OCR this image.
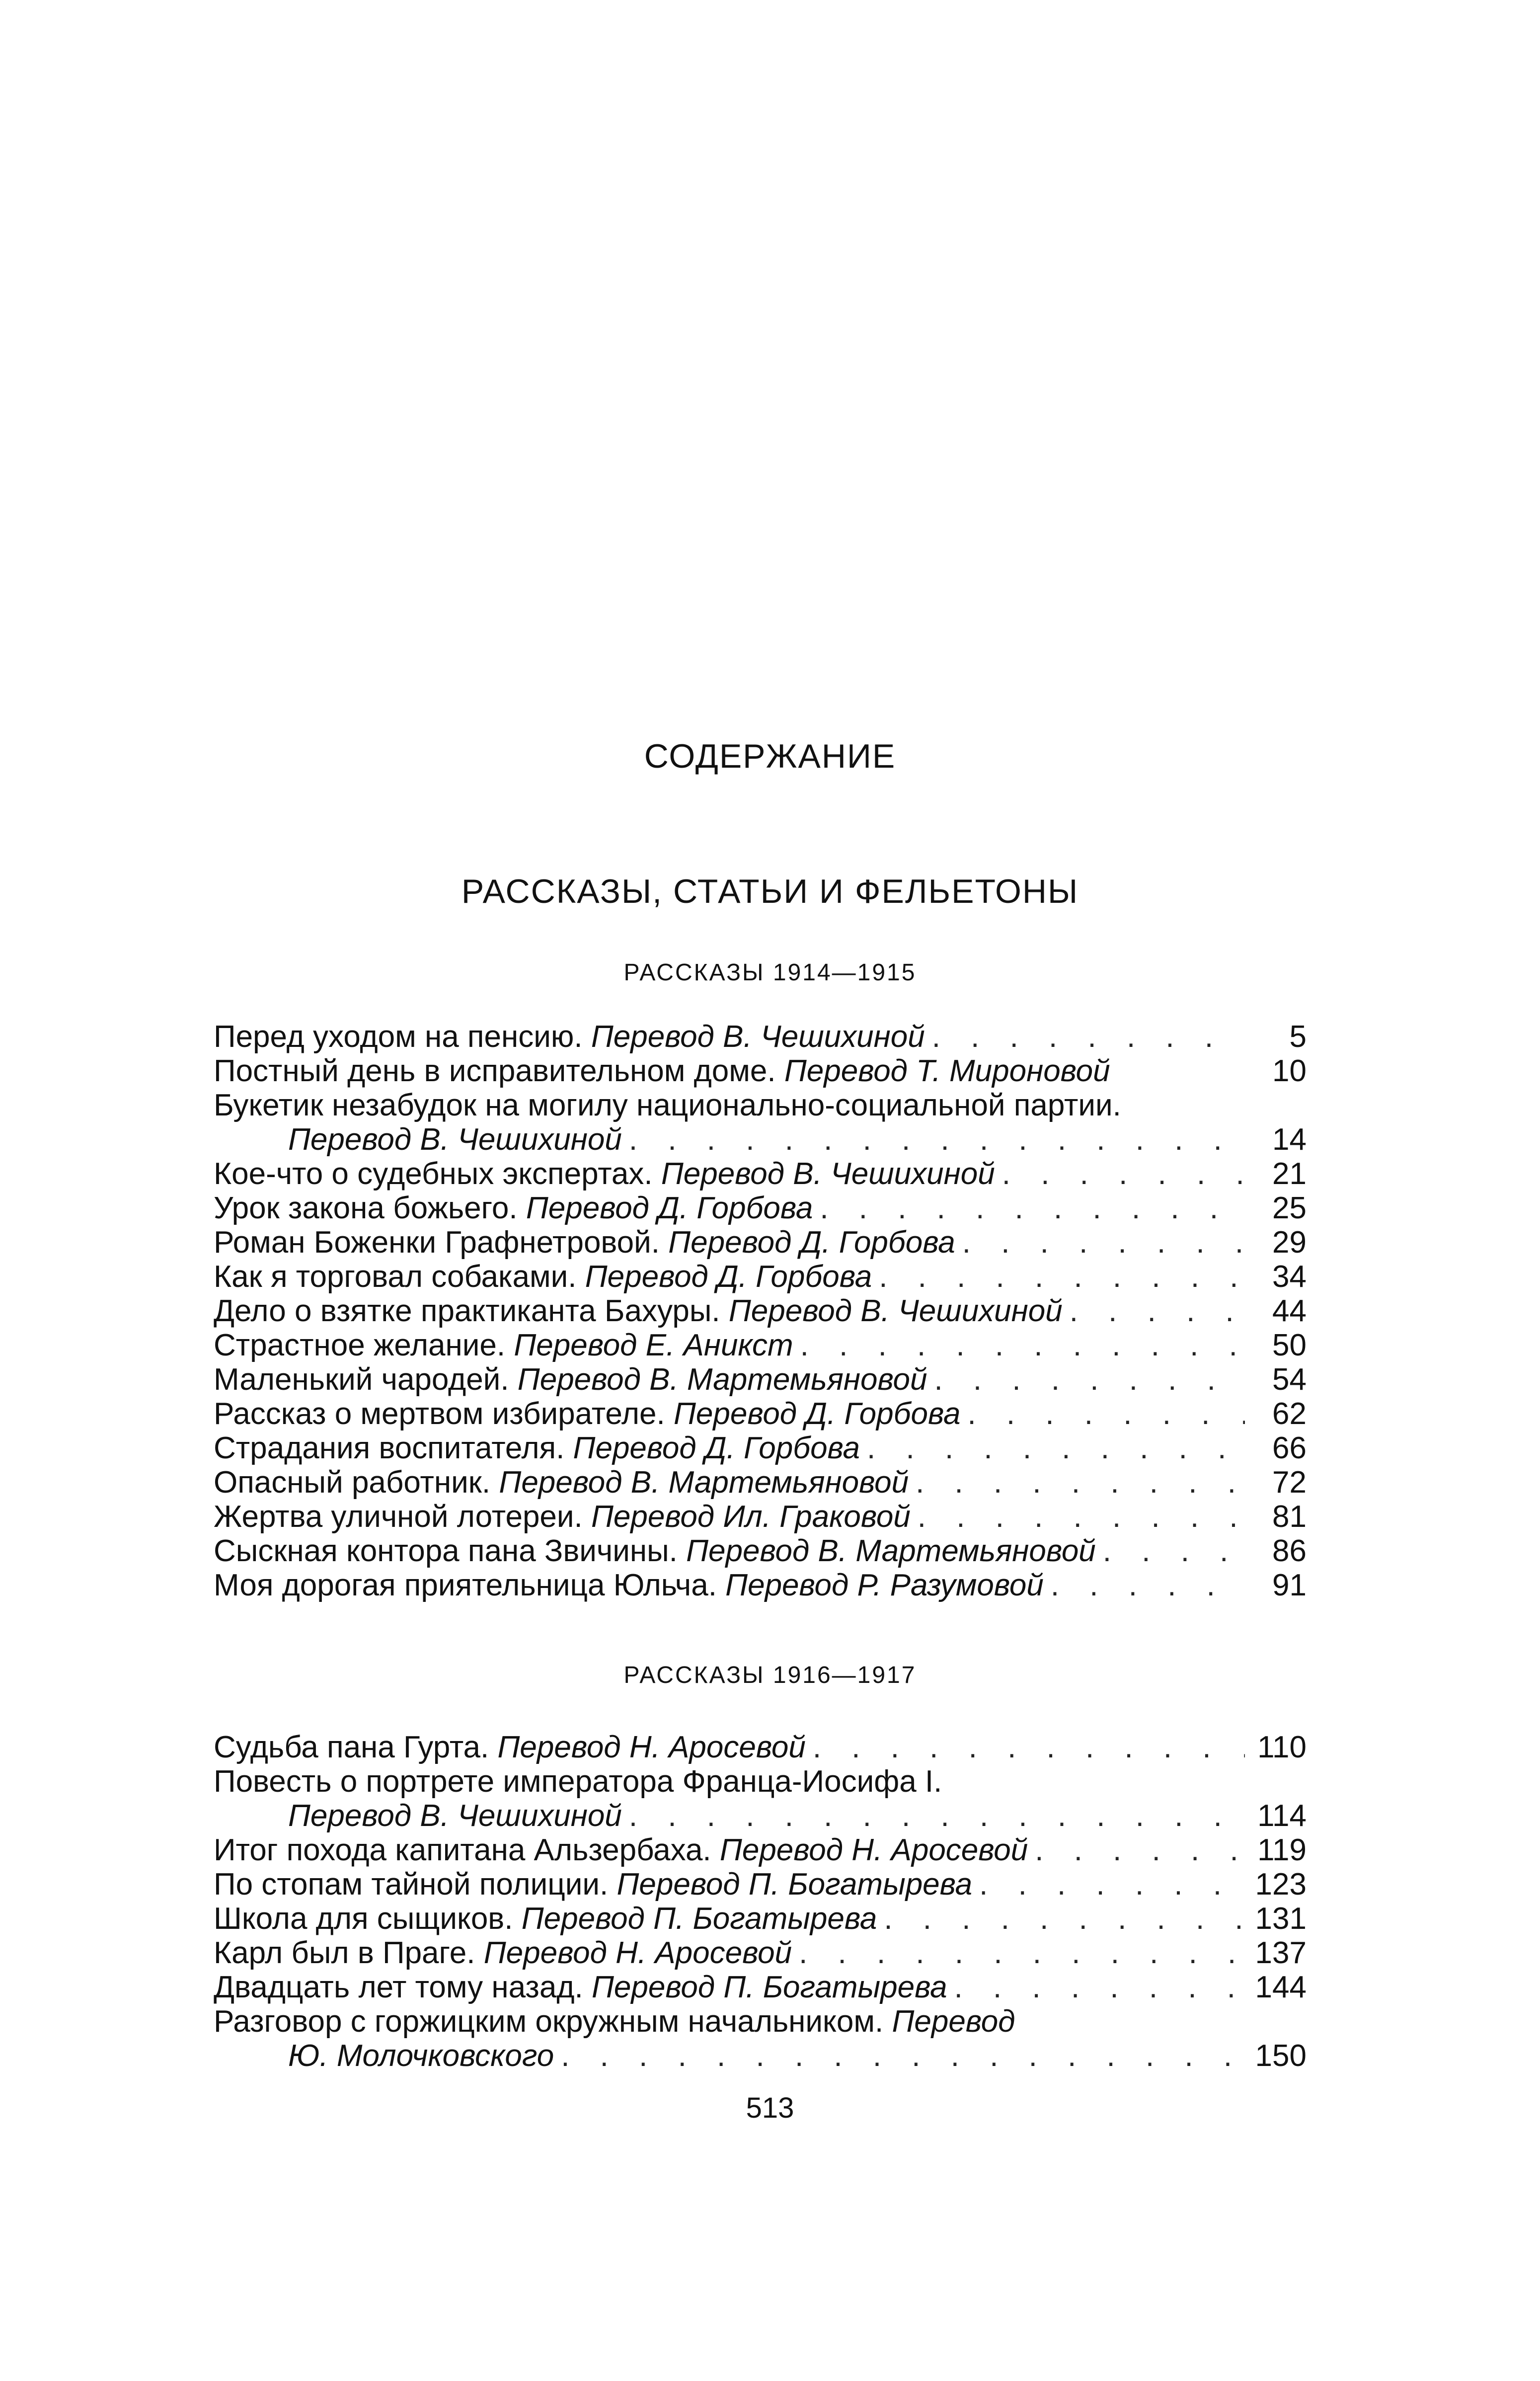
СОДЕРЖАНИЕ
РАССКАЗЫ, СТАТЬИ И ФЕЛЬЕТОНЫ
РАССКАЗЫ 1914—1915
Перед уходом на пенсию. Перевод В. Чешихиной . . .	5
Постный день в исправительном доме. Перевод Т. Мироновой	10
Букетик незабудок на могилу национально-социальной партии.
Перевод В. Чешихиной . . .	14
Кое-что о судебных экспертах. Перевод В. Чешихиной . . .	21
Урок закона божьего. Перевод Д. Горбова . . .	25
Роман Боженки Графнетровой. Перевод Д. Горбова . . .	29
Как я торговал собаками. Перевод Д. Горбова . . .	34
Дело о взятке практиканта Бахуры. Перевод В. Чешихиной . . .	44
Страстное желание. Перевод Е. Аникст . . .	50
Маленький чародей. Перевод В. Мартемьяновой . . .	54
Рассказ о мертвом избирателе. Перевод Д. Горбова . . .	62
Страдания воспитателя. Перевод Д. Горбова . . .	66
Опасный работник. Перевод В. Мартемьяновой . . .	72
Жертва уличной лотереи. Перевод Ил. Граковой . . .	81
Сыскная контора пана Звичины. Перевод В. Мартемьяновой . . .	86
Моя дорогая приятельница Юльча. Перевод Р. Разумовой . . .	91
РАССКАЗЫ 1916—1917
Судьба пана Гурта. Перевод Н. Аросевой . . .	110
Повесть о портрете императора Франца-Иосифа I.
Перевод В. Чешихиной . . .	114
Итог похода капитана Альзербаха. Перевод Н. Аросевой . . .	119
По стопам тайной полиции. Перевод П. Богатырева . . .	123
Школа для сыщиков. Перевод П. Богатырева . . .	131
Карл был в Праге. Перевод Н. Аросевой . . .	137
Двадцать лет тому назад. Перевод П. Богатырева . . .	144
Разговор с горжицким окружным начальником. Перевод
Ю. Молочковского . . .	150
513
